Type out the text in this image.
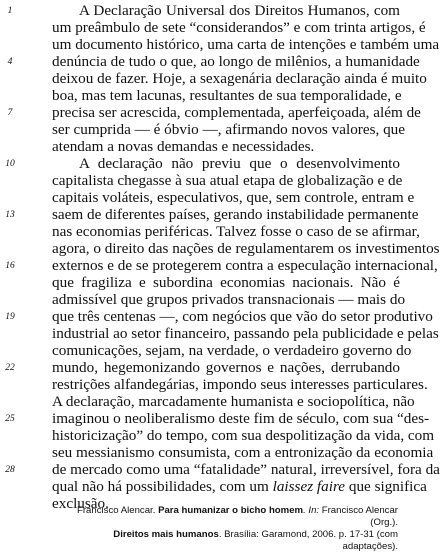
1
4
7
10
13
16
19
22
25
28
A Declaração Universal dos Direitos Humanos, com
um preâmbulo de sete “considerandos” e com trinta artigos, é
um documento histórico, uma carta de intenções e também uma
denúncia de tudo o que, ao longo de milênios, a humanidade
deixou de fazer. Hoje, a sexagenária declaração ainda é muito
boa, mas tem lacunas, resultantes de sua temporalidade, e
precisa ser acrescida, complementada, aperfeiçoada, além de
ser cumprida — é óbvio —, afirmando novos valores, que
atendam a novas demandas e necessidades.
A declaração não previu que o desenvolvimento
capitalista chegasse à sua atual etapa de globalização e de
capitais voláteis, especulativos, que, sem controle, entram e
saem de diferentes países, gerando instabilidade permanente
nas economias periféricas. Talvez fosse o caso de se afirmar,
agora, o direito das nações de regulamentarem os investimentos
externos e de se protegerem contra a especulação internacional,
que fragiliza e subordina economias nacionais. Não é
admissível que grupos privados transnacionais — mais do
que três centenas —, com negócios que vão do setor produtivo
industrial ao setor financeiro, passando pela publicidade e pelas
comunicações, sejam, na verdade, o verdadeiro governo do
mundo, hegemonizando governos e nações, derrubando
restrições alfandegárias, impondo seus interesses particulares.
A declaração, marcadamente humanista e sociopolítica, não
imaginou o neoliberalismo deste fim de século, com sua “des-
historicização” do tempo, com sua despolitização da vida, com
seu messianismo consumista, com a entronização da economia
de mercado como uma “fatalidade” natural, irreversível, fora da
qual não há possibilidades, com um laissez faire que significa
exclusão.
Francisco Alencar. Para humanizar o bicho homem. In: Francisco Alencar (Org.).
Direitos mais humanos. Brasília: Garamond, 2006. p. 17-31 (com adaptações).
